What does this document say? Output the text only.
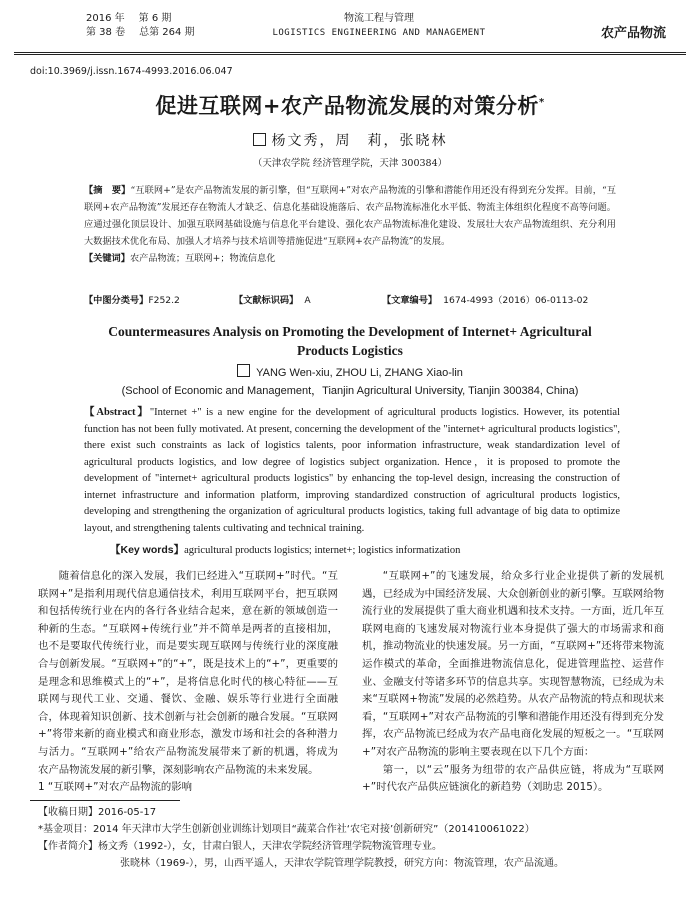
2016 年 第 6 期
第 38 卷 总第 264 期
物流工程与管理
LOGISTICS ENGINEERING AND MANAGEMENT	农产品物流
doi:10.3969/j.issn.1674-4993.2016.06.047
促进互联网+农产品物流发展的对策分析*
杨文秀，周　莉，张晓林
（天津农学院 经济管理学院，天津 300384）
【摘　要】“互联网+”是农产品物流发展的新引擎，但“互联网+”对农产品物流的引擎和潜能作用还没有得到充分发挥。目前，“互联网+农产品物流”发展还存在物流人才缺乏、信息化基础设施落后、农产品物流标准化水平低、物流主体组织化程度不高等问题。应通过强化顶层设计、加强互联网基础设施与信息化平台建设、强化农产品物流标准化建设、发展壮大农产品物流组织、充分利用大数据技术优化布局、加强人才培养与技术培训等措施促进“互联网+农产品物流”的发展。
【关键词】农产品物流；互联网+；物流信息化
【中图分类号】F252.2	【文献标识码】 A	【文章编号】 1674-4993（2016）06-0113-02
Countermeasures Analysis on Promoting the Development of Internet+ Agricultural Products Logistics
YANG Wen-xiu, ZHOU Li, ZHANG Xiao-lin
(School of Economic and Management，Tianjin Agricultural University, Tianjin 300384, China)
【Abstract】"Internet +" is a new engine for the development of agricultural products logistics. However, its potential function has not been fully motivated. At present, concerning the development of the "internet+ agricultural products logistics", there exist such constraints as lack of logistics talents, poor information infrastructure, weak standardization level of agricultural products logistics, and low degree of logistics subject organization. Hence，it is proposed to promote the development of "internet+ agricultural products logistics" by enhancing the top-level design, increasing the construction of internet infrastructure and information platform, improving standardized construction of agricultural products logistics, developing and strengthening the organization of agricultural products logistics, taking full advantage of big data to optimize layout, and strengthening talents cultivating and technical training.
【Key words】agricultural products logistics; internet+; logistics informatization

随着信息化的深入发展，我们已经进入“互联网+”时代。“互联网+”是指利用现代信息通信技术，利用互联网平台，把互联网和包括传统行业在内的各行各业结合起来，意在新的领域创造一种新的生态。“互联网+传统行业”并不简单是两者的直接相加，也不是要取代传统行业，而是要实现互联网与传统行业的深度融合与创新发展。“互联网+”的“+”，既是技术上的“+”，更重要的是理念和思维模式上的“+”，是将信息化时代的核心特征——互联网与现代工业、交通、餐饮、金融、娱乐等行业进行全面融合，体现着知识创新、技术创新与社会创新的融合发展。“互联网+”将带来新的商业模式和商业形态，激发市场和社会的各种潜力与活力。“互联网+”给农产品物流发展带来了新的机遇，将成为农产品物流发展的新引擎，深刻影响农产品物流的未来发展。

1 “互联网+”对农产品物流的影响

“互联网+”的飞速发展，给众多行业企业提供了新的发展机遇，已经成为中国经济发展、大众创新创业的新引擎。互联网给物流行业的发展提供了重大商业机遇和技术支持。一方面，近几年互联网电商的飞速发展对物流行业本身提供了强大的市场需求和商机，推动物流业的快速发展。另一方面，“互联网+”还将带来物流运作模式的革命，全面推进物流信息化，促进管理监控、运营作业、金融支付等诸多环节的信息共享。实现智慧物流，已经成为未来“互联网+物流”发展的必然趋势。从农产品物流的特点和现状来看，“互联网+”对农产品物流的引擎和潜能作用还没有得到充分发挥，农产品物流已经成为农产品电商化发展的短板之一。“互联网+”对农产品物流的影响主要表现在以下几个方面：

第一，以“云”服务为纽带的农产品供应链，将成为“互联网+”时代农产品供应链演化的新趋势（刘助忠 2015）。

【收稿日期】2016-05-17
*基金项目：2014 年天津市大学生创新创业训练计划项目“蔬菜合作社‘农宅对接’创新研究”（201410061022）
【作者简介】杨文秀（1992-），女，甘肃白银人，天津农学院经济管理学院物流管理专业。
张晓林（1969-），男，山西平遥人，天津农学院管理学院教授，研究方向：物流管理，农产品流通。
